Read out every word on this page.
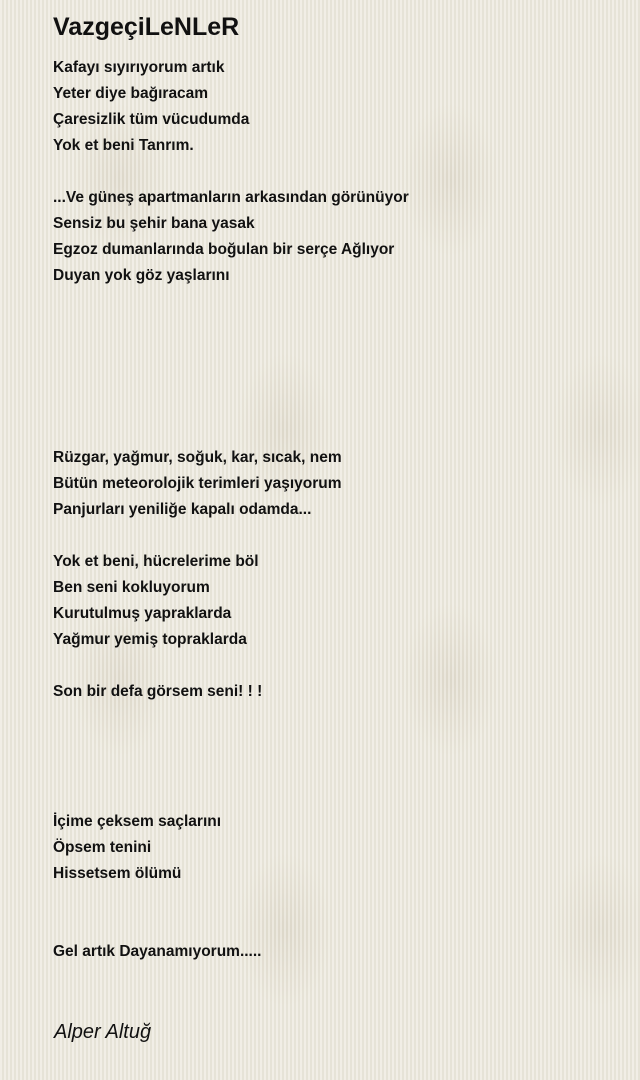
VazgeçiLeNLeR
Kafayı sıyırıyorum artık
Yeter diye bağıracam
Çaresizlik tüm vücudumda
Yok et beni Tanrım.
...Ve güneş apartmanların arkasından görünüyor
Sensiz bu şehir bana yasak
Egzoz dumanlarında boğulan bir serçe Ağlıyor
Duyan yok göz yaşlarını
Rüzgar, yağmur, soğuk, kar, sıcak, nem
Bütün meteorolojik terimleri yaşıyorum
Panjurları yeniliğe kapalı odamda...
Yok et beni, hücrelerime böl
Ben seni kokluyorum
Kurutulmuş yapraklarda
Yağmur yemiş topraklarda
Son bir defa görsem seni! ! !
İçime çeksem saçlarını
Öpsem tenini
Hissetsem ölümü
Gel artık Dayanamıyorum.....
Alper Altuğ
